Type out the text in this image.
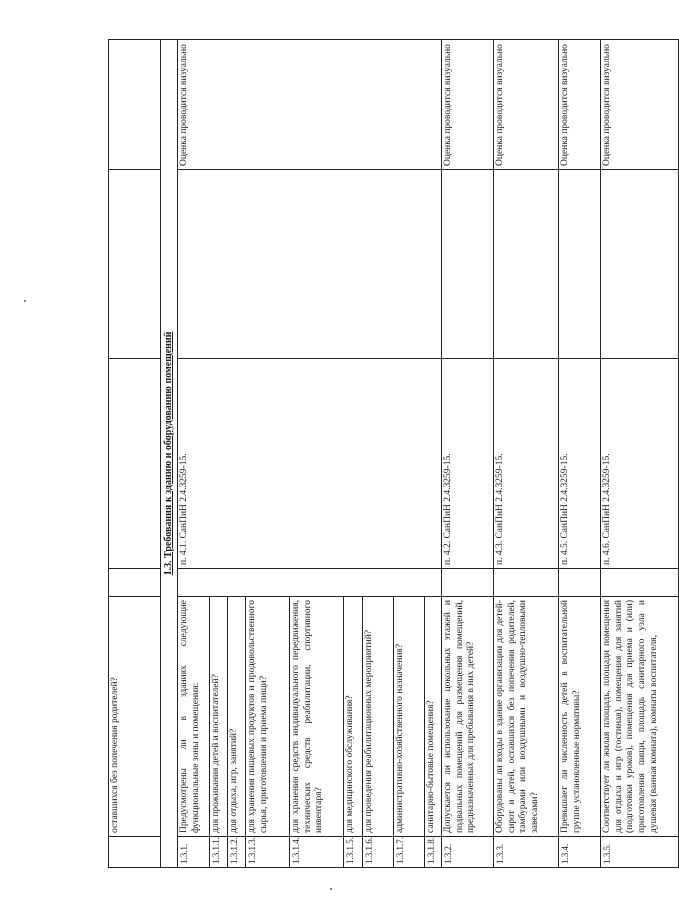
	оставшихся без попечения родителей?				
1.3. Требования к зданию и оборудованию помещений					
1.3.1.	Предусмотрены ли в зданиях следующие функциональные зоны и помещения:		п. 4.1. СанПиН 2.4.3259-15.		Оценка проводится визуально
1.3.1.1.	для проживания детей и воспитателей?				
1.3.1.2.	для отдыха, игр, занятий?				
1.3.1.3.	для хранения пищевых продуктов и продовольственного сырья, приготовления и приема пищи?				
1.3.1.4.	для хранения средств индивидуального передвижения, технических средств реабилитации, спортивного инвентаря?				
1.3.1.5.	для медицинского обслуживания?				
1.3.1.6.	для проведения реабилитационных мероприятий?				
1.3.1.7.	административно-хозяйственного назначения?				
1.3.1.8.	санитарно-бытовые помещения?				
1.3.2.	Допускается ли использование цокольных этажей и подвальных помещений для размещения помещений, предназначенных для пребывания в них детей?		п. 4.2. СанПиН 2.4.3259-15.		Оценка проводится визуально
1.3.3.	Оборудованы ли входы в здание организации для детей-сирот и детей, оставшихся без попечения родителей, тамбурами или воздушными и воздушно-тепловыми завесами?		п. 4.3. СанПиН 2.4.3259-15.		Оценка проводится визуально
1.3.4.	Превышает ли численность детей в воспитательной группе установленные нормативы?		п. 4.5. СанПиН 2.4.3259-15.		Оценка проводится визуально
1.3.5.	Соответствует ли жилая площадь, площади помещения для отдыха и игр (гостиная), помещения для занятий (подготовки уроков), помещения для приема и (или) приготовления пищи, площадь санитарного узла и душевая (ванная комната), комнаты воспитателя,		п. 4.6. СанПиН 2.4.3259-15.		Оценка проводится визуально
